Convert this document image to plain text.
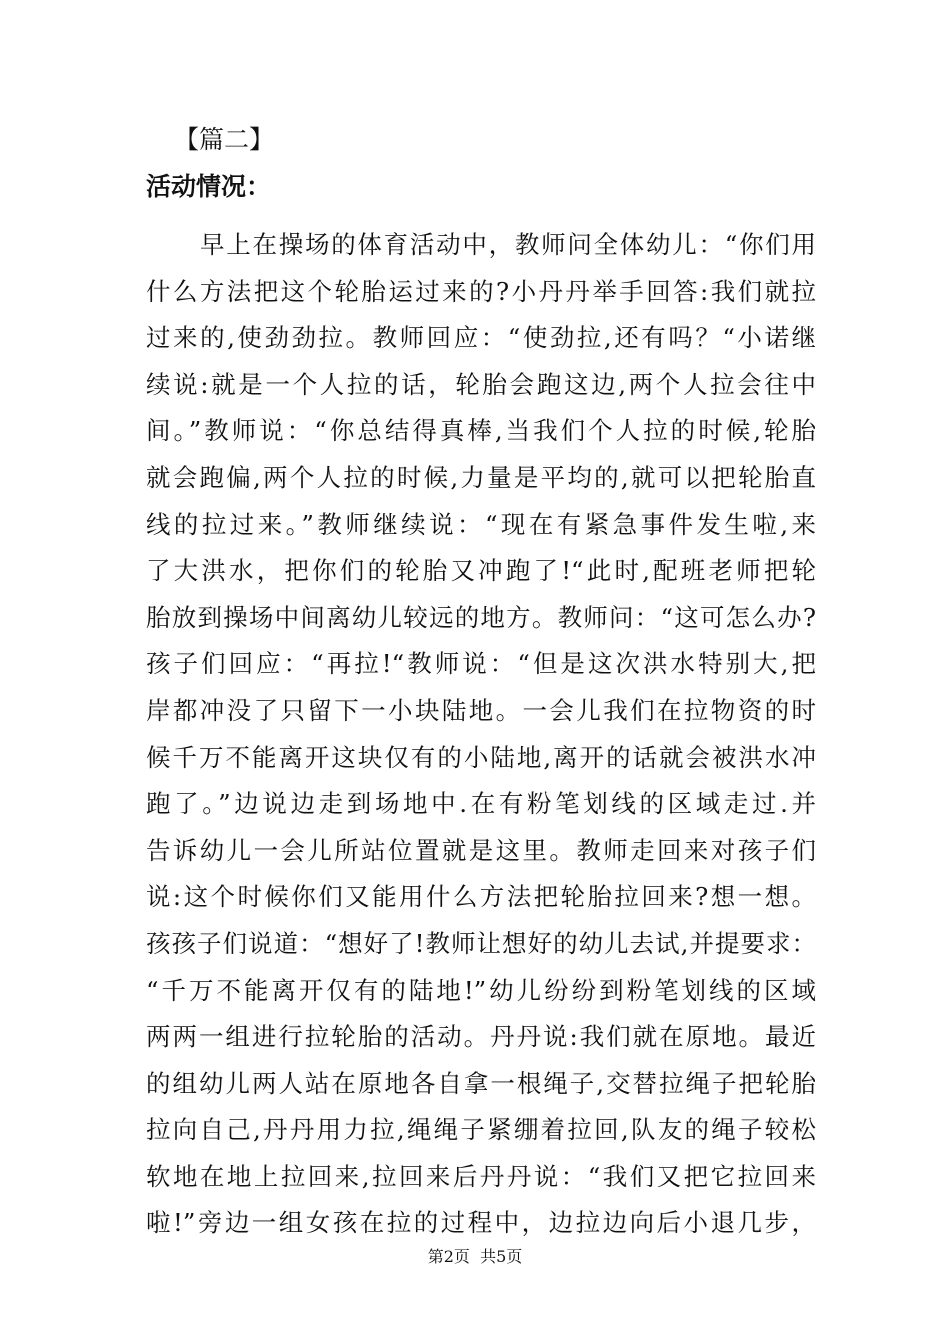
【篇二】
活动情况：
早上在操场的体育活动中，教师问全体幼儿：“你们用
什么方法把这个轮胎运过来的?小丹丹举手回答:我们就拉
过来的,使劲劲拉。教师回应：“使劲拉,还有吗？“小诺继
续说:就是一个人拉的话，轮胎会跑这边,两个人拉会往中
间。”教师说：“你总结得真棒,当我们个人拉的时候,轮胎
就会跑偏,两个人拉的时候,力量是平均的,就可以把轮胎直
线的拉过来。”教师继续说：“现在有紧急事件发生啦,来
了大洪水，把你们的轮胎又冲跑了!“此时,配班老师把轮
胎放到操场中间离幼儿较远的地方。教师问：“这可怎么办?
孩子们回应：“再拉!“教师说：“但是这次洪水特别大,把
岸都冲没了只留下一小块陆地。一会儿我们在拉物资的时
候千万不能离开这块仅有的小陆地,离开的话就会被洪水冲
跑了。”边说边走到场地中.在有粉笔划线的区域走过.并
告诉幼儿一会儿所站位置就是这里。教师走回来对孩子们
说:这个时候你们又能用什么方法把轮胎拉回来?想一想。
孩孩子们说道：“想好了!教师让想好的幼儿去试,并提要求：
“千万不能离开仅有的陆地!”幼儿纷纷到粉笔划线的区域
两两一组进行拉轮胎的活动。丹丹说:我们就在原地。最近
的组幼儿两人站在原地各自拿一根绳子,交替拉绳子把轮胎
拉向自己,丹丹用力拉,绳绳子紧绷着拉回,队友的绳子较松
软地在地上拉回来,拉回来后丹丹说：“我们又把它拉回来
啦!”旁边一组女孩在拉的过程中，边拉边向后小退几步，
第2页  共5页
